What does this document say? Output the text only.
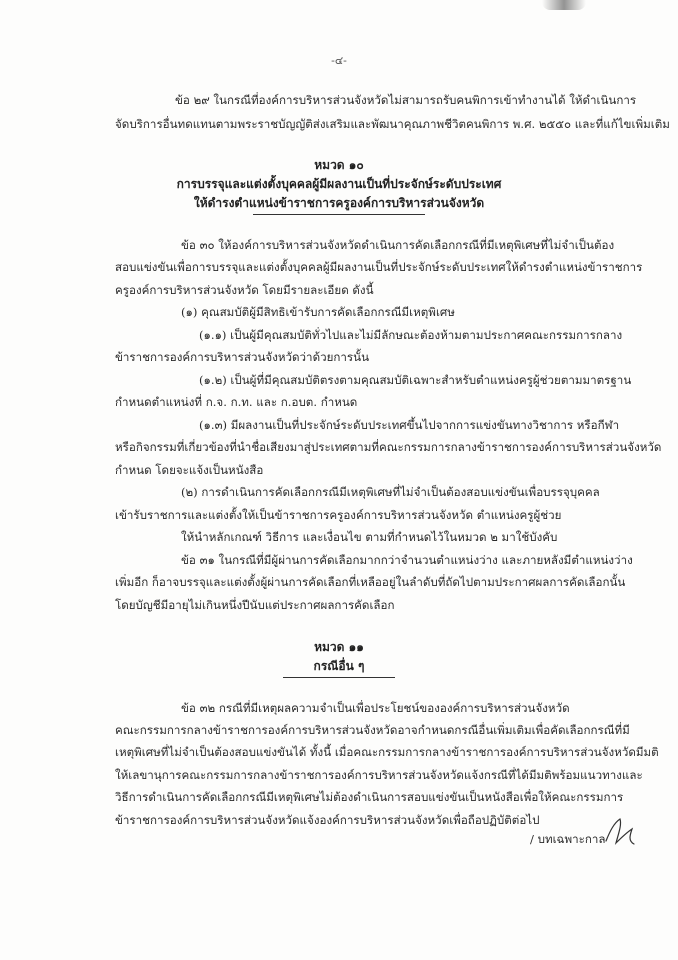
-๔-
ข้อ ๒๙ ในกรณีที่องค์การบริหารส่วนจังหวัดไม่สามารถรับคนพิการเข้าทำงานได้ ให้ดำเนินการ
จัดบริการอื่นทดแทนตามพระราชบัญญัติส่งเสริมและพัฒนาคุณภาพชีวิตคนพิการ พ.ศ. ๒๕๕๐ และที่แก้ไขเพิ่มเติม
หมวด ๑๐
การบรรจุและแต่งตั้งบุคคลผู้มีผลงานเป็นที่ประจักษ์ระดับประเทศ
ให้ดำรงตำแหน่งข้าราชการครูองค์การบริหารส่วนจังหวัด
ข้อ ๓๐ ให้องค์การบริหารส่วนจังหวัดดำเนินการคัดเลือกกรณีที่มีเหตุพิเศษที่ไม่จำเป็นต้อง
สอบแข่งขันเพื่อการบรรจุและแต่งตั้งบุคคลผู้มีผลงานเป็นที่ประจักษ์ระดับประเทศให้ดำรงตำแหน่งข้าราชการ
ครูองค์การบริหารส่วนจังหวัด โดยมีรายละเอียด ดังนี้
(๑) คุณสมบัติผู้มีสิทธิเข้ารับการคัดเลือกกรณีมีเหตุพิเศษ
(๑.๑) เป็นผู้มีคุณสมบัติทั่วไปและไม่มีลักษณะต้องห้ามตามประกาศคณะกรรมการกลาง
ข้าราชการองค์การบริหารส่วนจังหวัดว่าด้วยการนั้น
(๑.๒) เป็นผู้ที่มีคุณสมบัติตรงตามคุณสมบัติเฉพาะสำหรับตำแหน่งครูผู้ช่วยตามมาตรฐาน
กำหนดตำแหน่งที่ ก.จ. ก.ท. และ ก.อบต. กำหนด
(๑.๓) มีผลงานเป็นที่ประจักษ์ระดับประเทศขึ้นไปจากการแข่งขันทางวิชาการ หรือกีฬา
หรือกิจกรรมที่เกี่ยวข้องที่นำชื่อเสียงมาสู่ประเทศตามที่คณะกรรมการกลางข้าราชการองค์การบริหารส่วนจังหวัด
กำหนด โดยจะแจ้งเป็นหนังสือ
(๒) การดำเนินการคัดเลือกกรณีมีเหตุพิเศษที่ไม่จำเป็นต้องสอบแข่งขันเพื่อบรรจุบุคคล
เข้ารับราชการและแต่งตั้งให้เป็นข้าราชการครูองค์การบริหารส่วนจังหวัด ตำแหน่งครูผู้ช่วย
ให้นำหลักเกณฑ์ วิธีการ และเงื่อนไข ตามที่กำหนดไว้ในหมวด ๒ มาใช้บังคับ
ข้อ ๓๑ ในกรณีที่มีผู้ผ่านการคัดเลือกมากกว่าจำนวนตำแหน่งว่าง และภายหลังมีตำแหน่งว่าง
เพิ่มอีก ก็อาจบรรจุและแต่งตั้งผู้ผ่านการคัดเลือกที่เหลืออยู่ในลำดับที่ถัดไปตามประกาศผลการคัดเลือกนั้น
โดยบัญชีมีอายุไม่เกินหนึ่งปีนับแต่ประกาศผลการคัดเลือก
หมวด ๑๑
กรณีอื่น ๆ
ข้อ ๓๒ กรณีที่มีเหตุผลความจำเป็นเพื่อประโยชน์ขององค์การบริหารส่วนจังหวัด
คณะกรรมการกลางข้าราชการองค์การบริหารส่วนจังหวัดอาจกำหนดกรณีอื่นเพิ่มเติมเพื่อคัดเลือกกรณีที่มี
เหตุพิเศษที่ไม่จำเป็นต้องสอบแข่งขันได้ ทั้งนี้ เมื่อคณะกรรมการกลางข้าราชการองค์การบริหารส่วนจังหวัดมีมติ
ให้เลขานุการคณะกรรมการกลางข้าราชการองค์การบริหารส่วนจังหวัดแจ้งกรณีที่ได้มีมติพร้อมแนวทางและ
วิธีการดำเนินการคัดเลือกกรณีมีเหตุพิเศษไม่ต้องดำเนินการสอบแข่งขันเป็นหนังสือเพื่อให้คณะกรรมการ
ข้าราชการองค์การบริหารส่วนจังหวัดแจ้งองค์การบริหารส่วนจังหวัดเพื่อถือปฏิบัติต่อไป
/ บทเฉพาะกาล
